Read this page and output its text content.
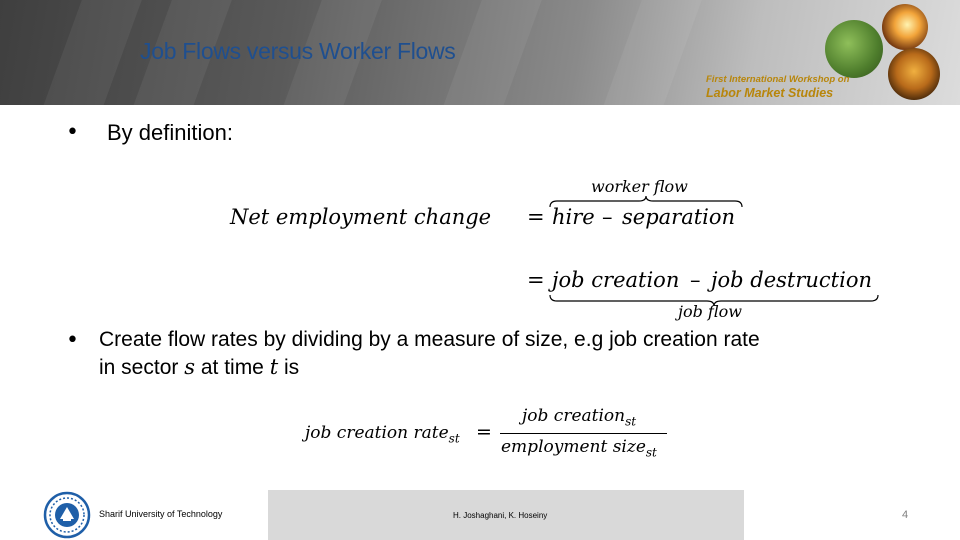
Job Flows versus Worker Flows
First International Workshop on
Labor Market Studies
• By definition:
Net employment change
worker flow
= hire – separation
= job creation – job destruction
job flow
• Create flow rates by dividing by a measure of size, e.g job creation rate
in sector s at time t is
job creation rate$_{st}$ =
job creation$_{st}$
employment size$_{st}$
Sharif University of Technology	H. Joshaghani, K. Hoseiny	4
